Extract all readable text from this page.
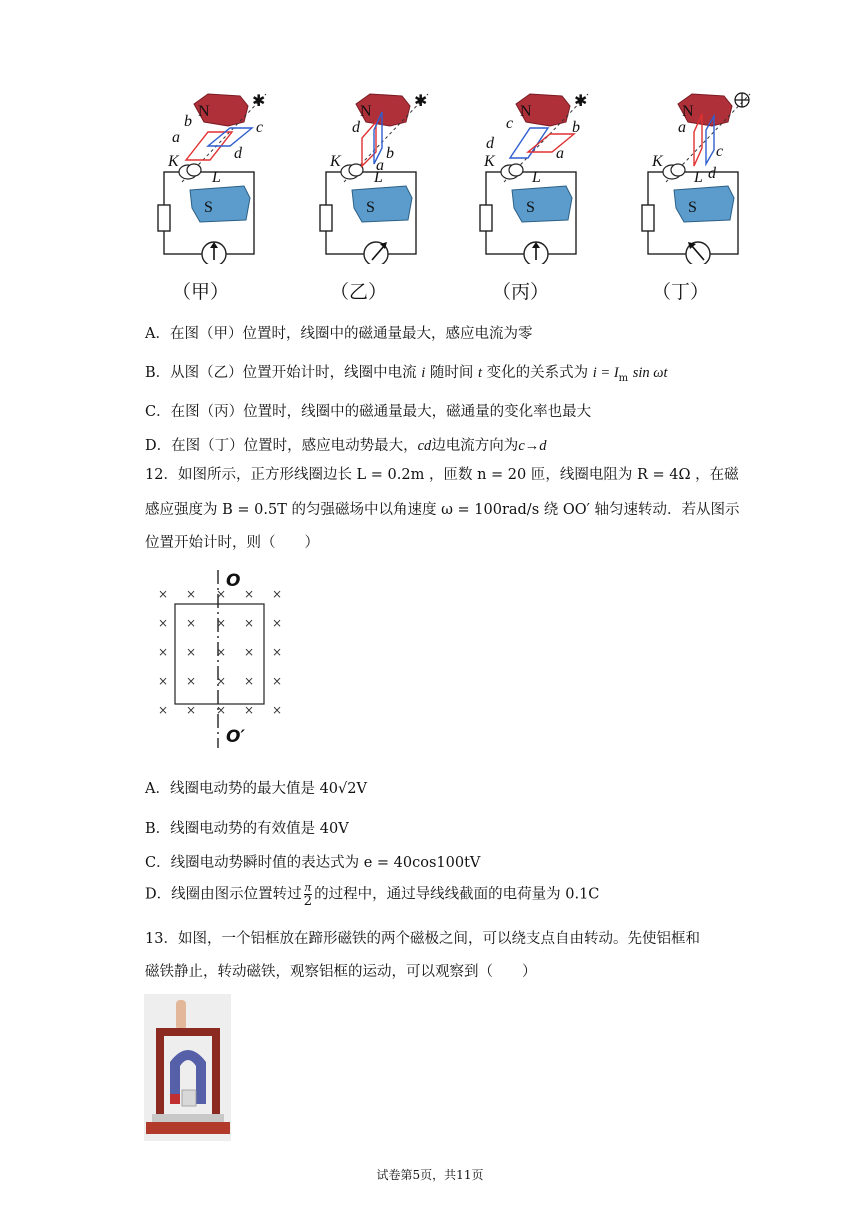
N
S
K
L
a
b	c
d
✱
N
S
K
L
d
b
a
✱
N
S
K
L
c	b
d
a
✱
N
S
K
L
a
c
d
（甲）	（乙）	（丙）	（丁）
A．在图（甲）位置时，线圈中的磁通量最大，感应电流为零
B．从图（乙）位置开始计时，线圈中电流 i 随时间 t 变化的关系式为 $i = I_m$ sin ωt
C．在图（丙）位置时，线圈中的磁通量最大，磁通量的变化率也最大
D．在图（丁）位置时，感应电动势最大，cd边电流方向为c→d
12．如图所示，正方形线圈边长 L = 0.2m ，匝数 n = 20 匝，线圈电阻为 R = 4Ω ，在磁
感应强度为 B = 0.5T 的匀强磁场中以角速度 ω = 100rad/s 绕 OO′ 轴匀速转动．若从图示
位置开始计时，则（　　）
O
O′
× × × × ×
× × × × ×
× × × × ×
× × × × ×
× × × × ×
A．线圈电动势的最大值是 40√2V
B．线圈电动势的有效值是 40V
C．线圈电动势瞬时值的表达式为 e = 40cos100tV
D．线圈由图示位置转过 $\frac{\pi}{2}$ 的过程中，通过导线线截面的电荷量为 0.1C
13．如图，一个铝框放在蹄形磁铁的两个磁极之间，可以绕支点自由转动。先使铝框和
磁铁静止，转动磁铁，观察铝框的运动，可以观察到（　　）
试卷第5页，共11页
